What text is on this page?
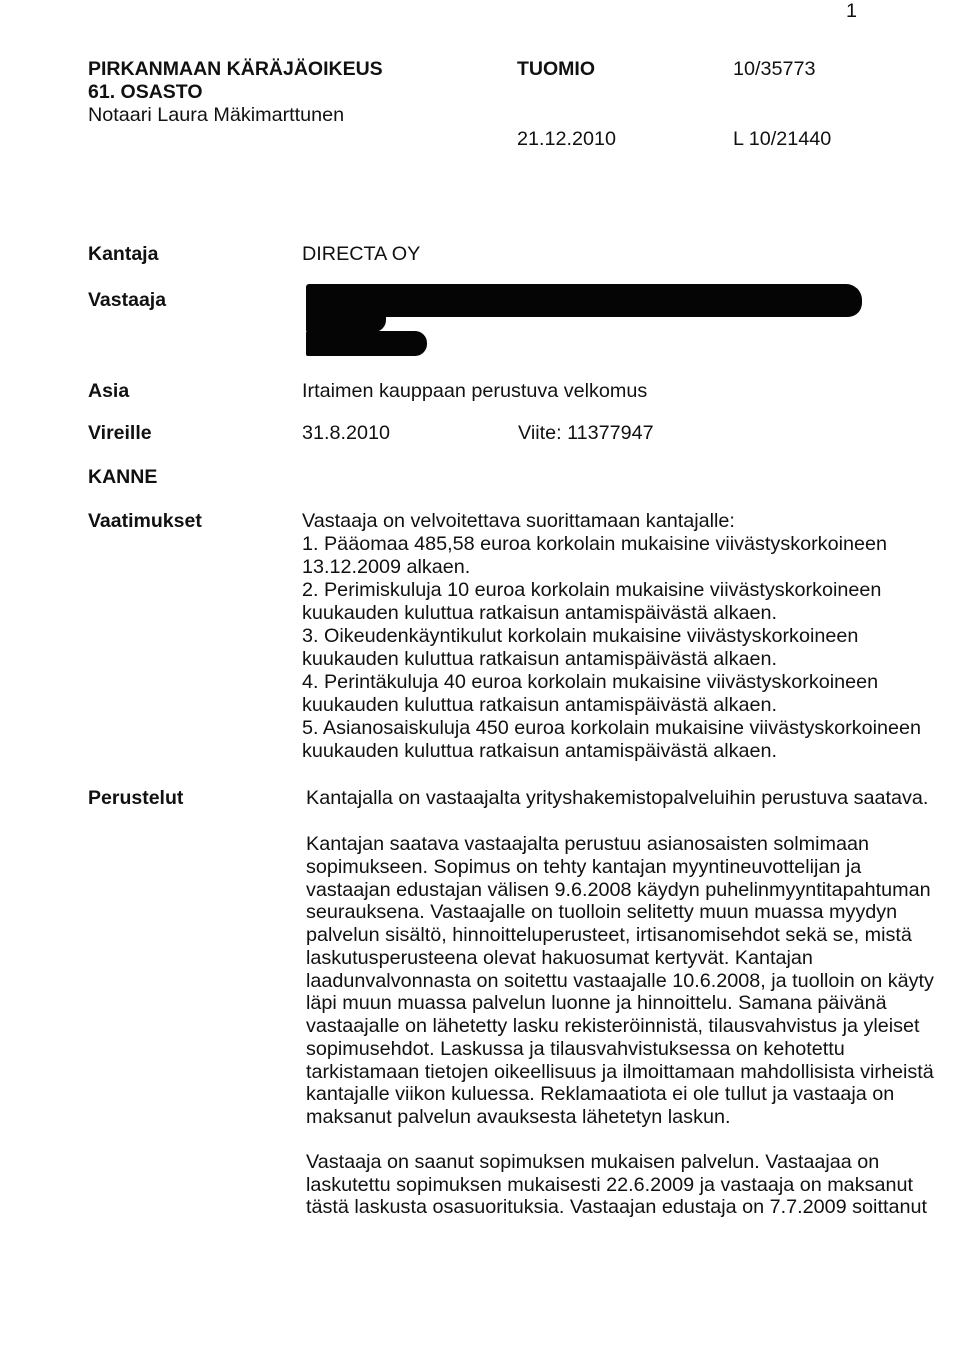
1
PIRKANMAAN KÄRÄJÄOIKEUS
61. OSASTO
Notaari Laura Mäkimarttunen
TUOMIO	10/35773
21.12.2010	L 10/21440
Kantaja	DIRECTA OY
Vastaaja

Asia	Irtaimen kauppaan perustuva velkomus
Vireille	31.8.2010	Viite: 11377947
KANNE
Vaatimukset	Vastaaja on velvoitettava suorittamaan kantajalle:
1. Pääomaa 485,58 euroa korkolain mukaisine viivästyskorkoineen
13.12.2009 alkaen.
2. Perimiskuluja 10 euroa korkolain mukaisine viivästyskorkoineen
kuukauden kuluttua ratkaisun antamispäivästä alkaen.
3. Oikeudenkäyntikulut korkolain mukaisine viivästyskorkoineen
kuukauden kuluttua ratkaisun antamispäivästä alkaen.
4. Perintäkuluja 40 euroa korkolain mukaisine viivästyskorkoineen
kuukauden kuluttua ratkaisun antamispäivästä alkaen.
5. Asianosaiskuluja 450 euroa korkolain mukaisine viivästyskorkoineen
kuukauden kuluttua ratkaisun antamispäivästä alkaen.
Perustelut	Kantajalla on vastaajalta yrityshakemistopalveluihin perustuva saatava.
Kantajan saatava vastaajalta perustuu asianosaisten solmimaan
sopimukseen. Sopimus on tehty kantajan myyntineuvottelijan ja
vastaajan edustajan välisen 9.6.2008 käydyn puhelinmyyntitapahtuman
seurauksena. Vastaajalle on tuolloin selitetty muun muassa myydyn
palvelun sisältö, hinnoitteluperusteet, irtisanomisehdot sekä se, mistä
laskutusperusteena olevat hakuosumat kertyvät. Kantajan
laadunvalvonnasta on soitettu vastaajalle 10.6.2008, ja tuolloin on käyty
läpi muun muassa palvelun luonne ja hinnoittelu. Samana päivänä
vastaajalle on lähetetty lasku rekisteröinnistä, tilausvahvistus ja yleiset
sopimusehdot. Laskussa ja tilausvahvistuksessa on kehotettu
tarkistamaan tietojen oikeellisuus ja ilmoittamaan mahdollisista virheistä
kantajalle viikon kuluessa. Reklamaatiota ei ole tullut ja vastaaja on
maksanut palvelun avauksesta lähetetyn laskun.
Vastaaja on saanut sopimuksen mukaisen palvelun. Vastaajaa on
laskutettu sopimuksen mukaisesti 22.6.2009 ja vastaaja on maksanut
tästä laskusta osasuorituksia. Vastaajan edustaja on 7.7.2009 soittanut
